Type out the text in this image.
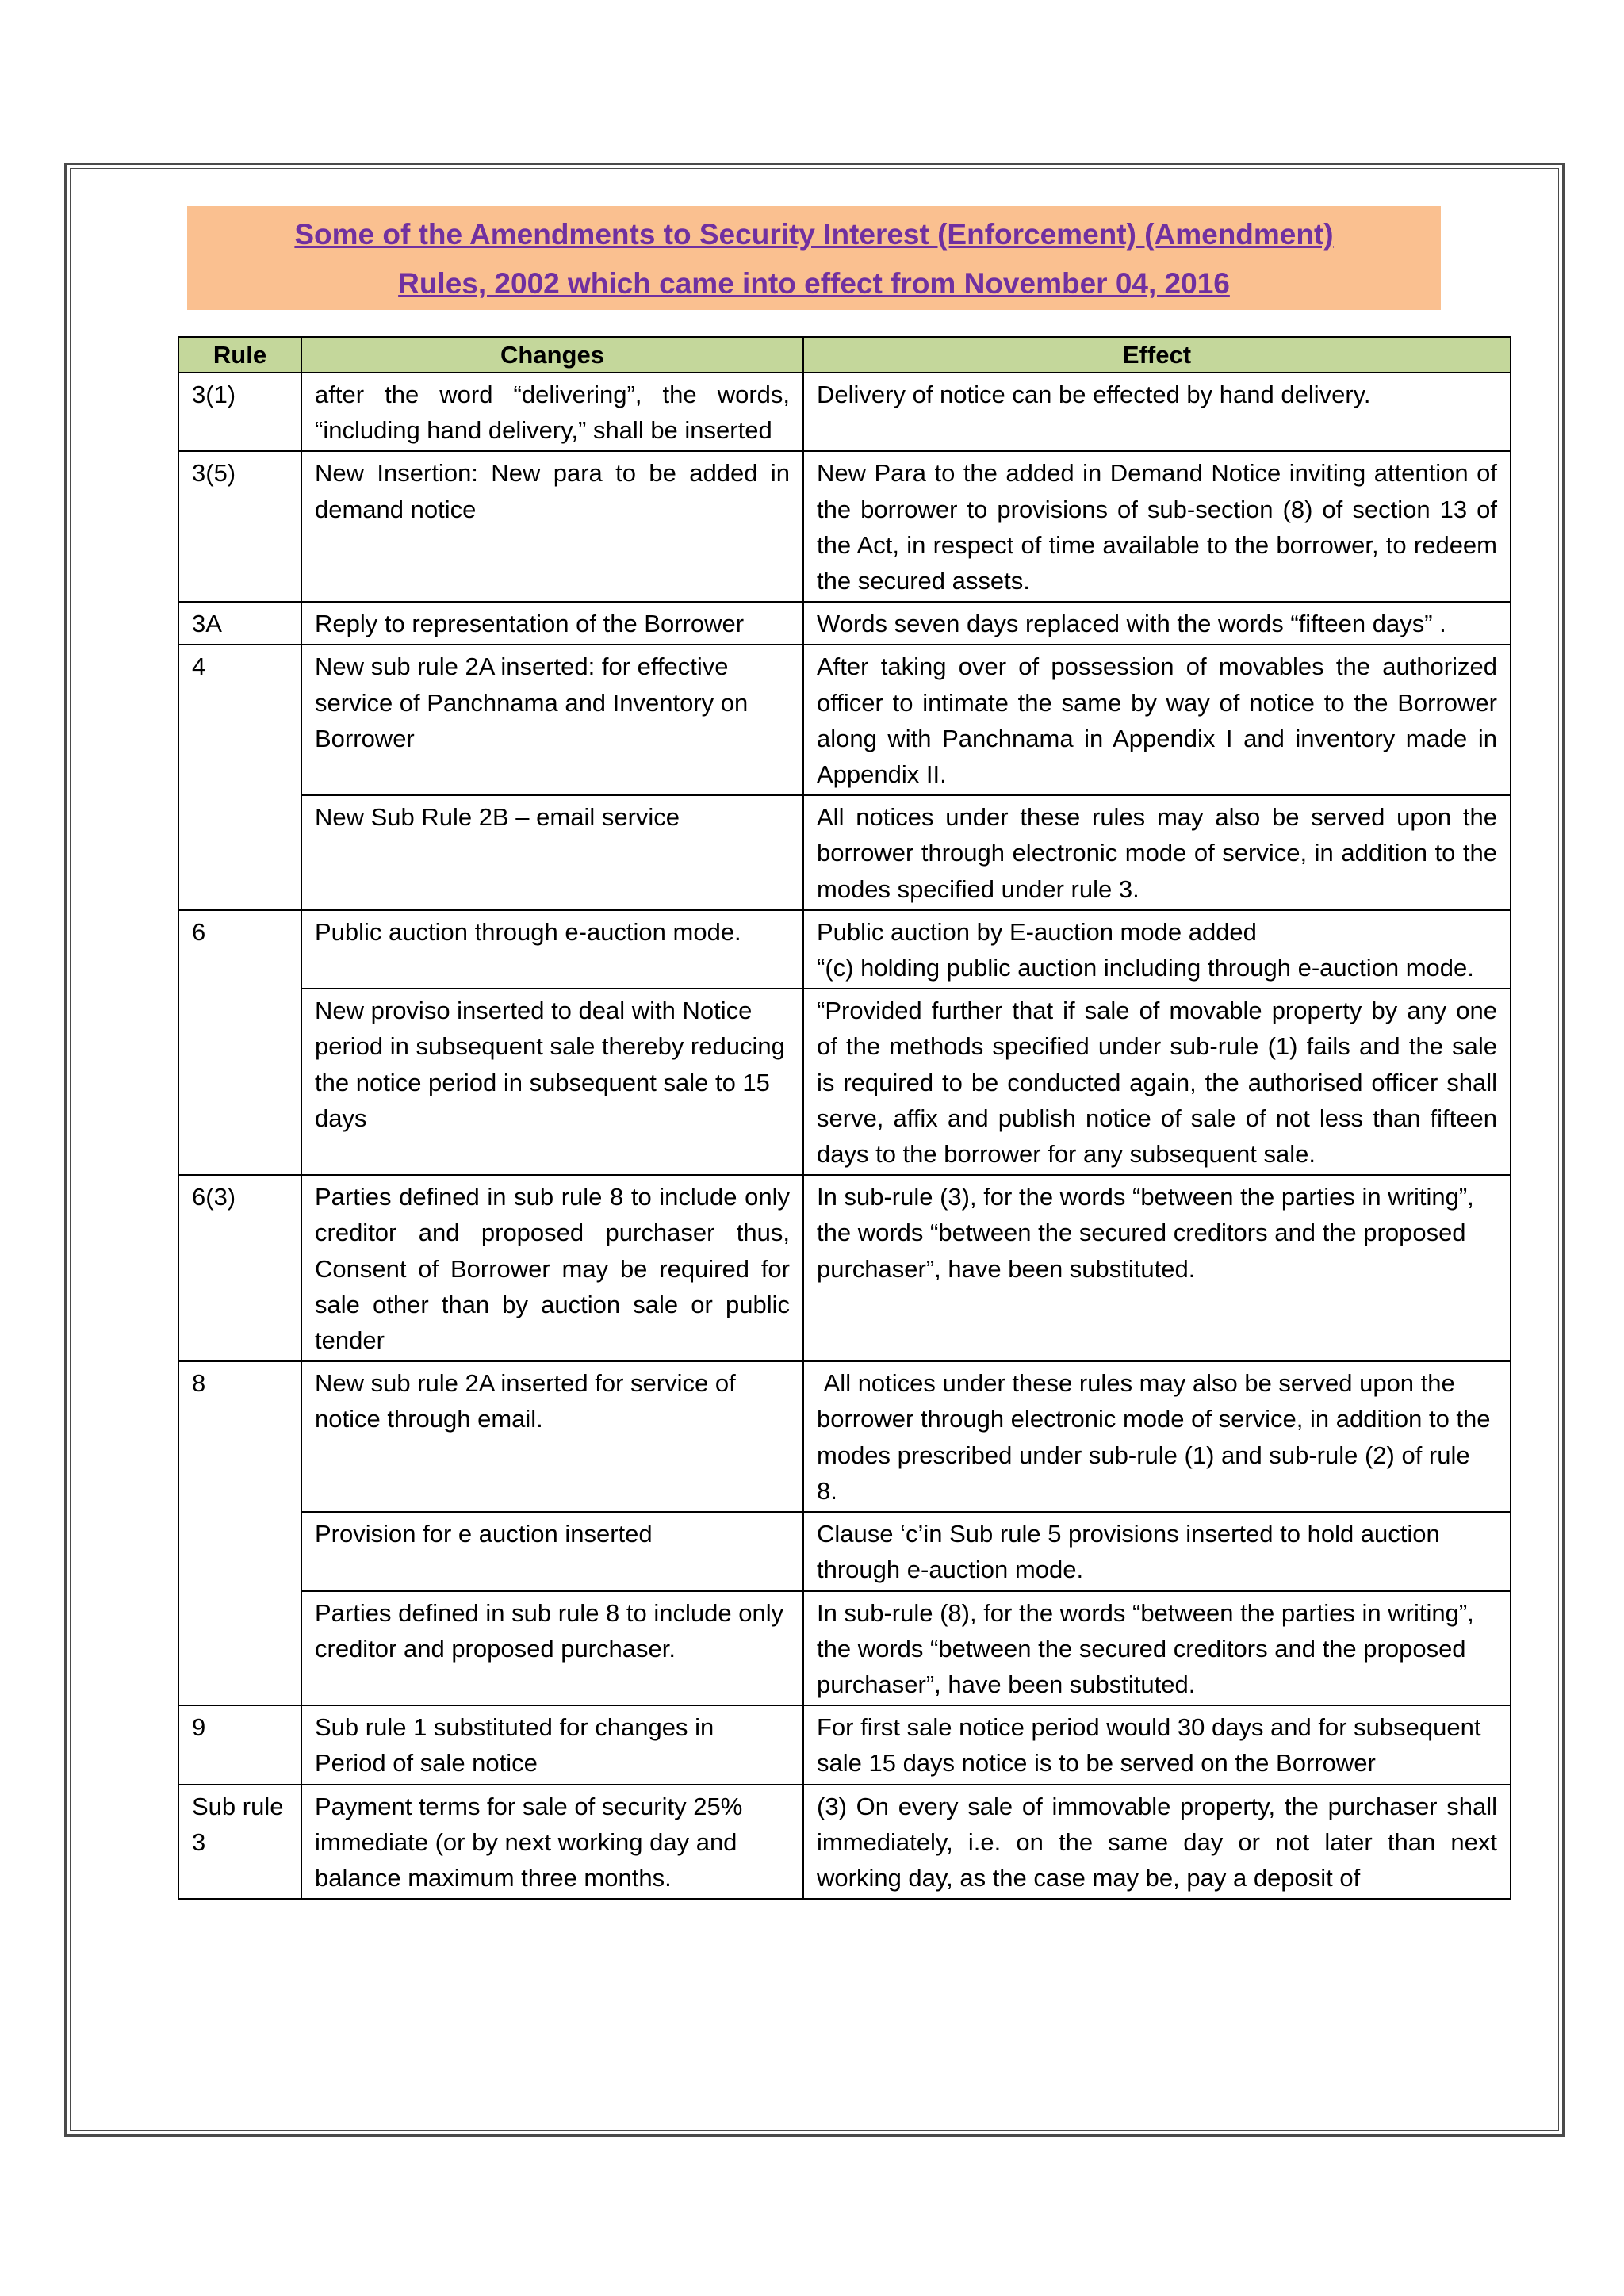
Some of the Amendments to Security Interest (Enforcement) (Amendment)
Rules, 2002 which came into effect from November 04, 2016
Rule	Changes	Effect
3(1)	after the word “delivering”, the words, “including hand delivery,” shall be inserted	Delivery of notice can be effected by hand delivery.
3(5)	New Insertion: New para to be added in demand notice	New Para to the added in Demand Notice inviting attention of the borrower to provisions of sub-section (8) of section 13 of the Act, in respect of time available to the borrower, to redeem the secured assets.
3A	Reply to representation of the Borrower	Words seven days replaced with the words “fifteen days” .
4	New sub rule 2A inserted: for effective service of Panchnama and Inventory on Borrower	After taking over of possession of movables the authorized officer to intimate the same by way of notice to the Borrower along with Panchnama in Appendix I and inventory made in Appendix II.
	New Sub Rule 2B – email service	All notices under these rules may also be served upon the borrower through electronic mode of service, in addition to the modes specified under rule 3.
6	Public auction through e-auction mode.	Public auction by E-auction mode added
“(c) holding public auction including through e-auction mode.
	New proviso inserted to deal with Notice period in subsequent sale thereby reducing the notice period in subsequent sale to 15 days	“Provided further that if sale of movable property by any one of the methods specified under sub-rule (1) fails and the sale is required to be conducted again, the authorised officer shall serve, affix and publish notice of sale of not less than fifteen days to the borrower for any subsequent sale.
6(3)	Parties defined in sub rule 8 to include only creditor and proposed purchaser thus, Consent of Borrower may be required for sale other than by auction sale or public tender	In sub-rule (3), for the words “between the parties in writing”, the words “between the secured creditors and the proposed purchaser”, have been substituted.
8	New sub rule 2A inserted for service of notice through email.	All notices under these rules may also be served upon the borrower through electronic mode of service, in addition to the modes prescribed under sub-rule (1) and sub-rule (2) of rule 8.
	Provision for e auction inserted	Clause ‘c’in Sub rule 5 provisions inserted to hold auction through e-auction mode.
	Parties defined in sub rule 8 to include only creditor and proposed purchaser.	In sub-rule (8), for the words “between the parties in writing”, the words “between the secured creditors and the proposed purchaser”, have been substituted.
9	Sub rule 1 substituted for changes in Period of sale notice	For first sale notice period would 30 days and for subsequent sale 15 days notice is to be served on the Borrower
Sub rule 3	Payment terms for sale of security 25% immediate (or by next working day and balance maximum three months.	(3) On every sale of immovable property, the purchaser shall immediately, i.e. on the same day or not later than next working day, as the case may be, pay a deposit of
